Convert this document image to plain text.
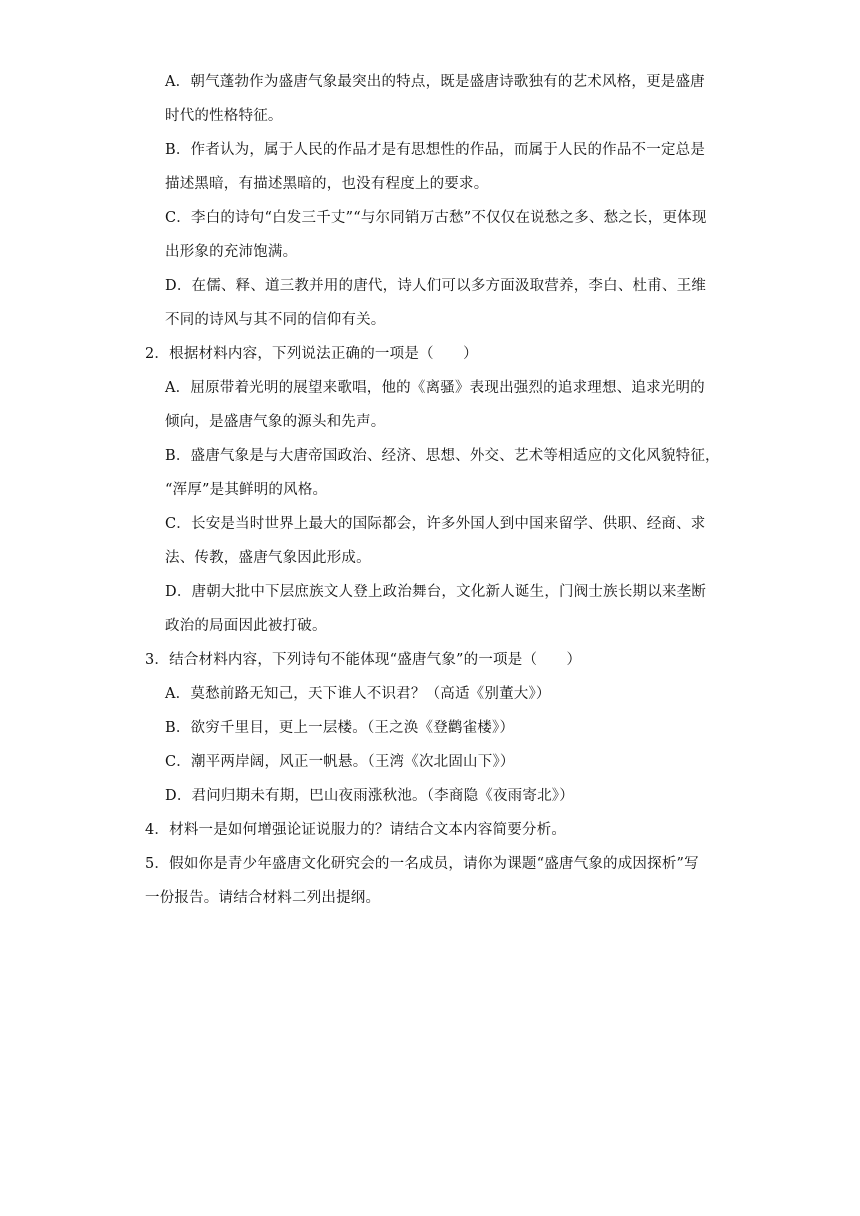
A．朝气蓬勃作为盛唐气象最突出的特点，既是盛唐诗歌独有的艺术风格，更是盛唐
时代的性格特征。
B．作者认为，属于人民的作品才是有思想性的作品，而属于人民的作品不一定总是
描述黑暗，有描述黑暗的，也没有程度上的要求。
C．李白的诗句“白发三千丈”“与尔同销万古愁”不仅仅在说愁之多、愁之长，更体现
出形象的充沛饱满。
D．在儒、释、道三教并用的唐代，诗人们可以多方面汲取营养，李白、杜甫、王维
不同的诗风与其不同的信仰有关。
2．根据材料内容，下列说法正确的一项是（　　）
A．屈原带着光明的展望来歌唱，他的《离骚》表现出强烈的追求理想、追求光明的
倾向，是盛唐气象的源头和先声。
B．盛唐气象是与大唐帝国政治、经济、思想、外交、艺术等相适应的文化风貌特征，
“浑厚”是其鲜明的风格。
C．长安是当时世界上最大的国际都会，许多外国人到中国来留学、供职、经商、求
法、传教，盛唐气象因此形成。
D．唐朝大批中下层庶族文人登上政治舞台，文化新人诞生，门阀士族长期以来垄断
政治的局面因此被打破。
3．结合材料内容，下列诗句不能体现“盛唐气象”的一项是（　　）
A．莫愁前路无知己，天下谁人不识君？（高适《别董大》）
B．欲穷千里目，更上一层楼。（王之涣《登鹳雀楼》）
C．潮平两岸阔，风正一帆悬。（王湾《次北固山下》）
D．君问归期未有期，巴山夜雨涨秋池。（李商隐《夜雨寄北》）
4．材料一是如何增强论证说服力的？请结合文本内容简要分析。
5．假如你是青少年盛唐文化研究会的一名成员，请你为课题“盛唐气象的成因探析”写
一份报告。请结合材料二列出提纲。
